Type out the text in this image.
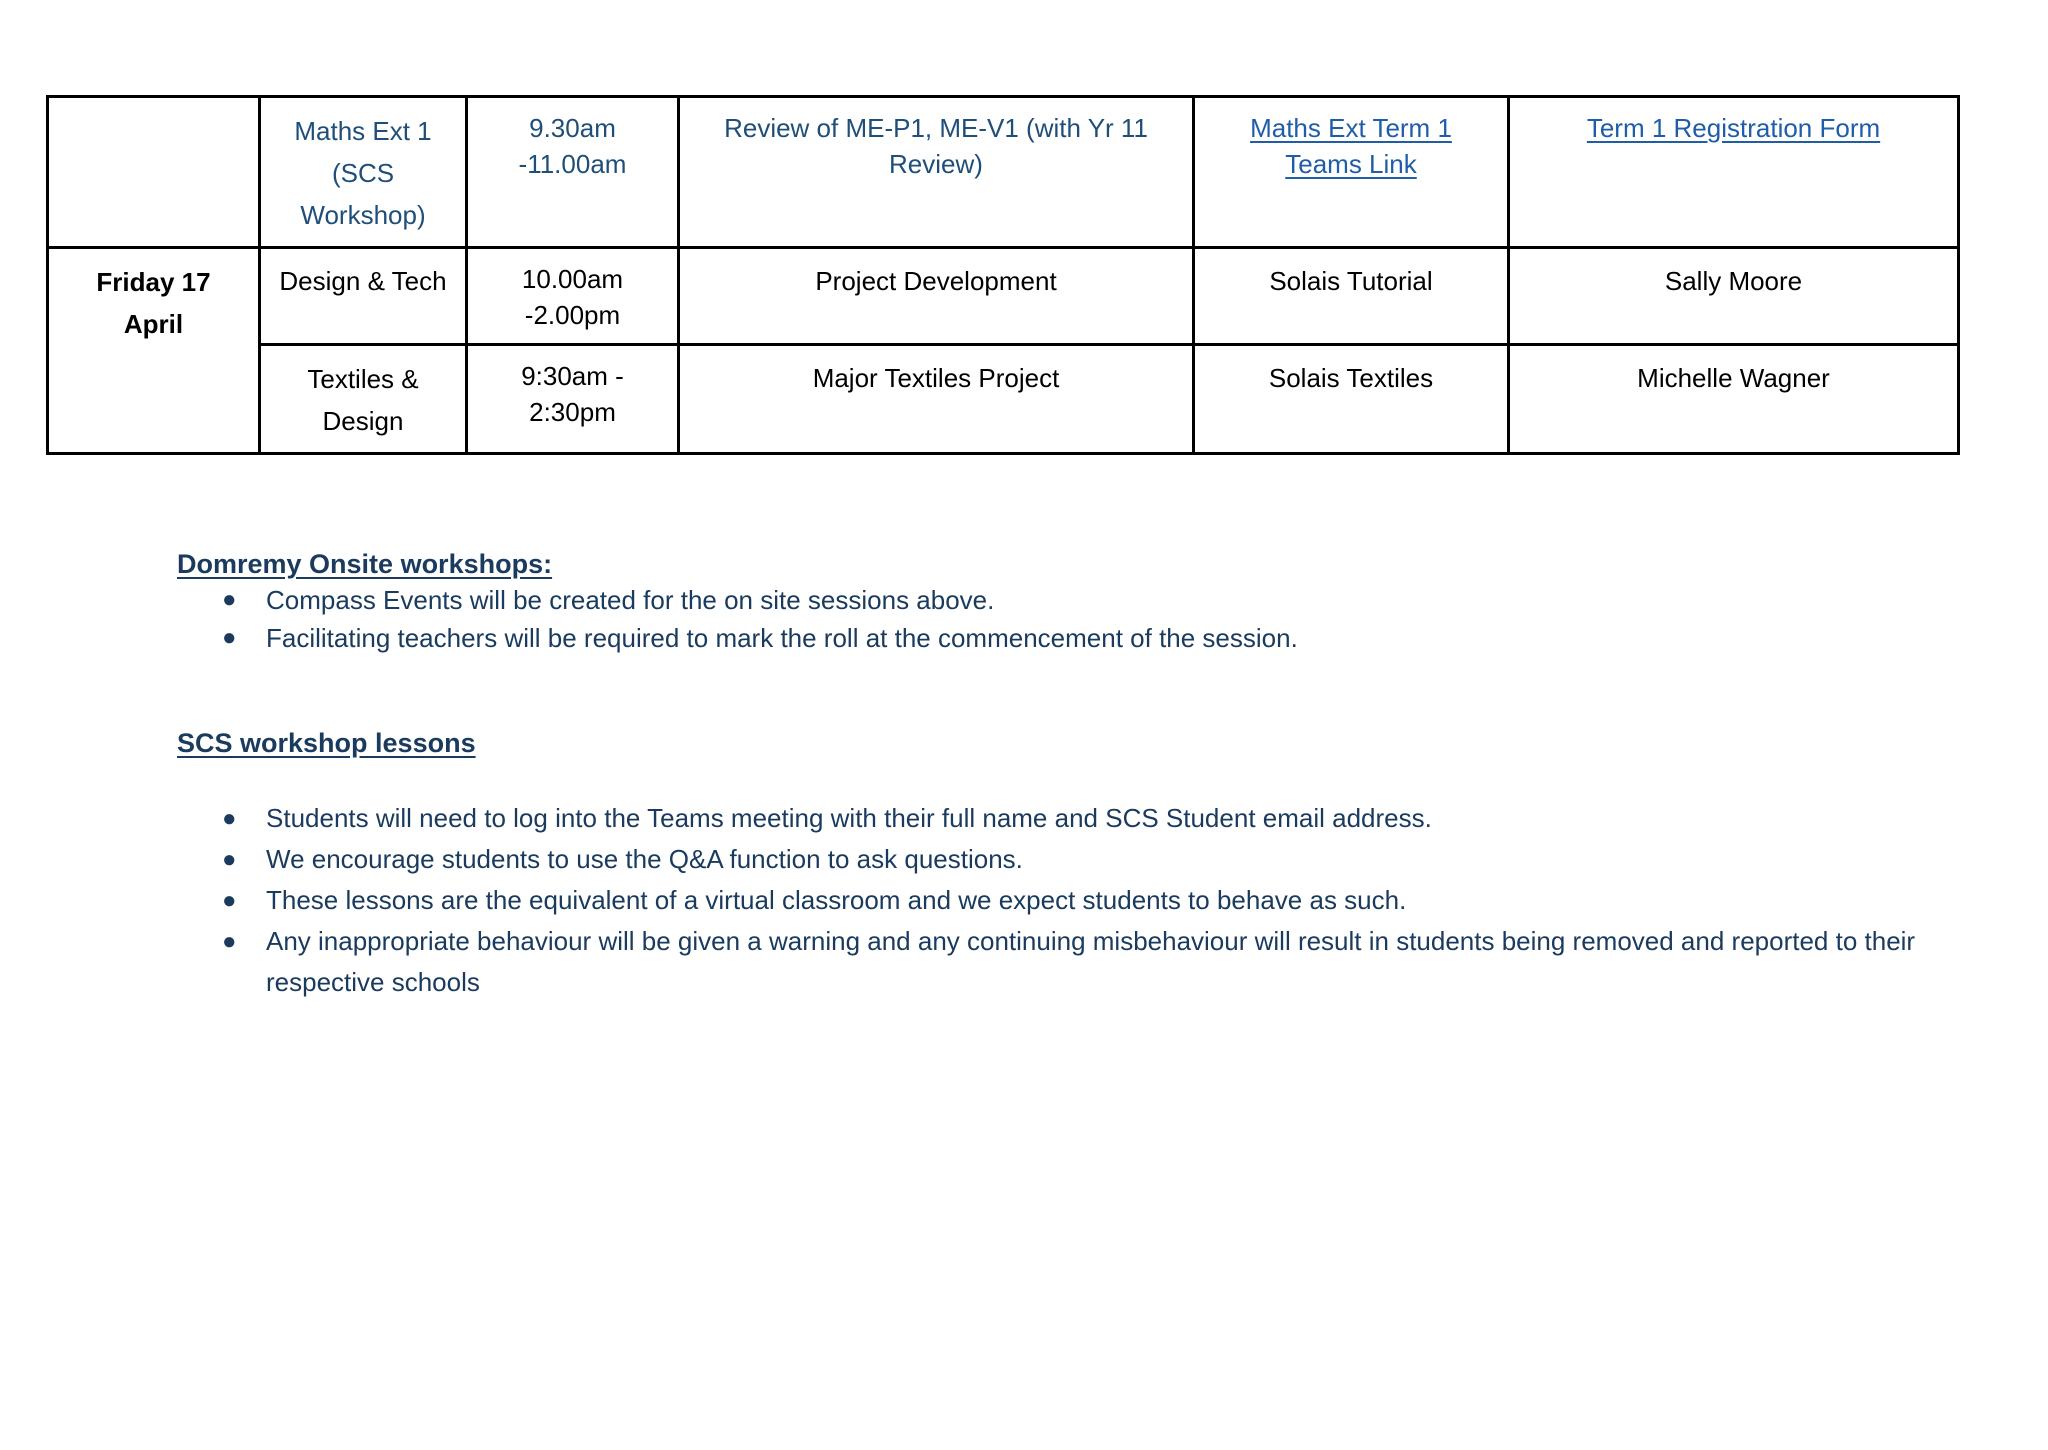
	Maths Ext 1
(SCS
Workshop)	9.30am
-11.00am	Review of ME-P1, ME-V1 (with Yr 11
Review)	Maths Ext Term 1
Teams Link	Term 1 Registration Form

Friday 17
April	Design & Tech	10.00am
-2.00pm	Project Development	Solais Tutorial	Sally Moore

	Textiles &
Design	9:30am -
2:30pm	Major Textiles Project	Solais Textiles	Michelle Wagner
Domremy Onsite workshops:
● Compass Events will be created for the on site sessions above.
● Facilitating teachers will be required to mark the roll at the commencement of the session.
SCS workshop lessons
● Students will need to log into the Teams meeting with their full name and SCS Student email address.
● We encourage students to use the Q&A function to ask questions.
● These lessons are the equivalent of a virtual classroom and we expect students to behave as such.
● Any inappropriate behaviour will be given a warning and any continuing misbehaviour will result in students being removed and reported to their respective schools
